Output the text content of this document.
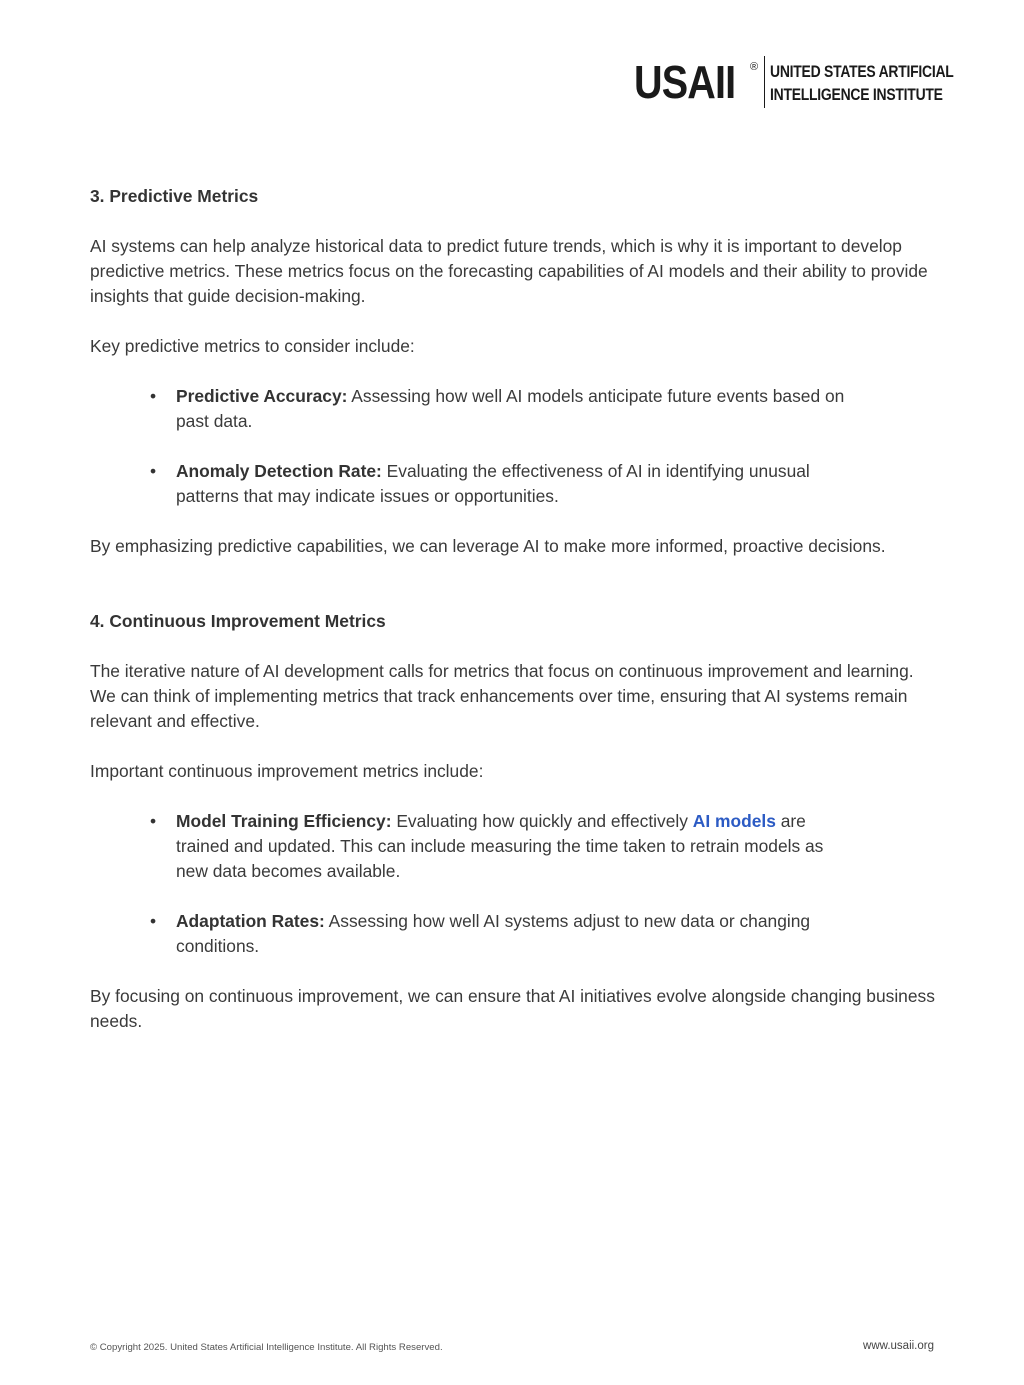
USAII ® UNITED STATES ARTIFICIAL
INTELLIGENCE INSTITUTE

3. Predictive Metrics

AI systems can help analyze historical data to predict future trends, which is why it is important to develop predictive metrics. These metrics focus on the forecasting capabilities of AI models and their ability to provide insights that guide decision-making.

Key predictive metrics to consider include:

• Predictive Accuracy: Assessing how well AI models anticipate future events based on past data.
• Anomaly Detection Rate: Evaluating the effectiveness of AI in identifying unusual patterns that may indicate issues or opportunities.

By emphasizing predictive capabilities, we can leverage AI to make more informed, proactive decisions.

4. Continuous Improvement Metrics

The iterative nature of AI development calls for metrics that focus on continuous improvement and learning. We can think of implementing metrics that track enhancements over time, ensuring that AI systems remain relevant and effective.

Important continuous improvement metrics include:

• Model Training Efficiency: Evaluating how quickly and effectively AI models are trained and updated. This can include measuring the time taken to retrain models as new data becomes available.
• Adaptation Rates: Assessing how well AI systems adjust to new data or changing conditions.

By focusing on continuous improvement, we can ensure that AI initiatives evolve alongside changing business needs.

© Copyright 2025. United States Artificial Intelligence Institute. All Rights Reserved.	www.usaii.org
